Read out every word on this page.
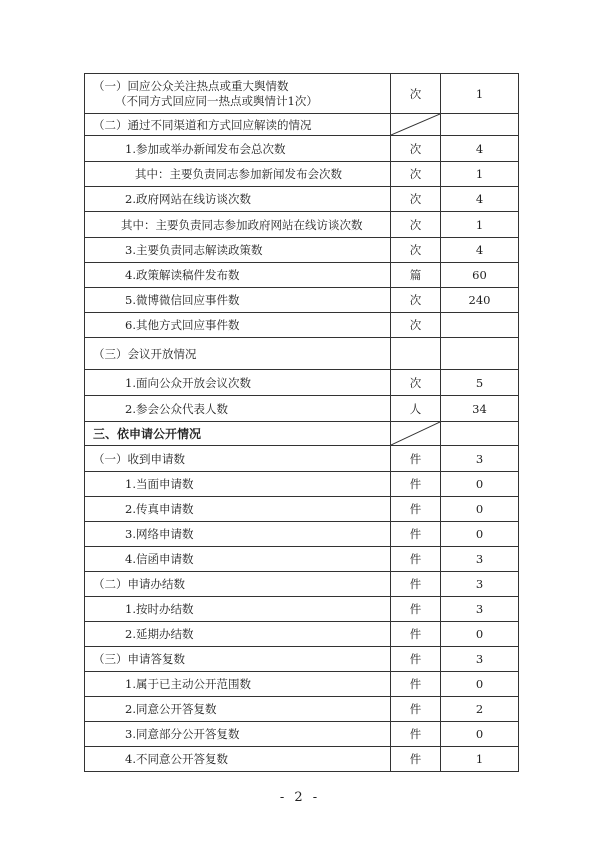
（一）回应公众关注热点或重大舆情数
（不同方式回应同一热点或舆情计1次）	次	1
（二）通过不同渠道和方式回应解读的情况	

1.参加或举办新闻发布会总次数	次	4
其中：主要负责同志参加新闻发布会次数	次	1
2.政府网站在线访谈次数	次	4
其中：主要负责同志参加政府网站在线访谈次数	次	1
3.主要负责同志解读政策数	次	4
4.政策解读稿件发布数	篇	60
5.微博微信回应事件数	次	240
6.其他方式回应事件数	次	
（三）会议开放情况		
1.面向公众开放会议次数	次	5
2.参会公众代表人数	人	34
三、依申请公开情况	

（一）收到申请数	件	3
1.当面申请数	件	0
2.传真申请数	件	0
3.网络申请数	件	0
4.信函申请数	件	3
（二）申请办结数	件	3
1.按时办结数	件	3
2.延期办结数	件	0
（三）申请答复数	件	3
1.属于已主动公开范围数	件	0
2.同意公开答复数	件	2
3.同意部分公开答复数	件	0
4.不同意公开答复数	件	1
- 2 -
